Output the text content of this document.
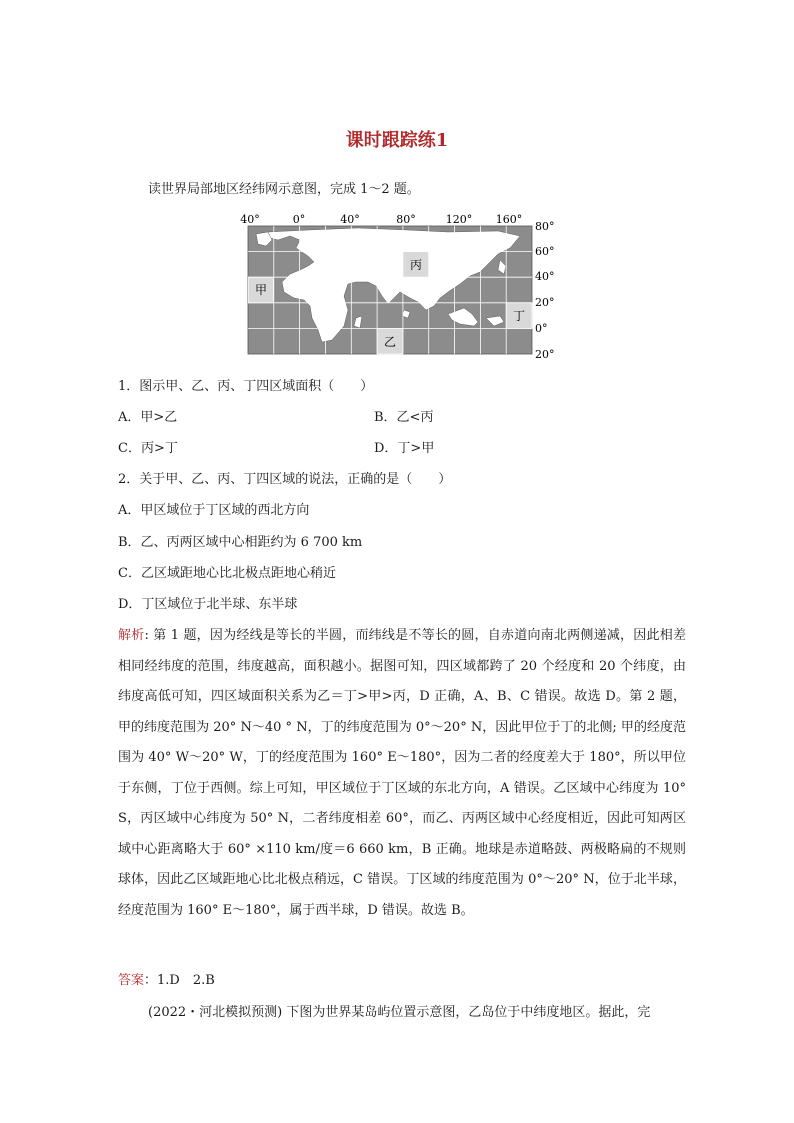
课时跟踪练1
读世界局部地区经纬网示意图，完成 1～2 题。
40°	0°	40°	80°	120° 160°
甲
乙
丙
丁
80°
60°
40°
20°
0°
20°
1．图示甲、乙、丙、丁四区域面积（　　）
A．甲>乙	B．乙<丙
C．丙>丁	D．丁>甲
2．关于甲、乙、丙、丁四区域的说法，正确的是（　　）
A．甲区域位于丁区域的西北方向
B．乙、丙两区域中心相距约为 6 700 km
C．乙区域距地心比北极点距地心稍近
D．丁区域位于北半球、东半球
解析: 第 1 题，因为经线是等长的半圆，而纬线是不等长的圆，自赤道向南北两侧递减，因此相差相同经纬度的范围，纬度越高，面积越小。据图可知，四区域都跨了 20 个经度和 20 个纬度，由纬度高低可知，四区域面积关系为乙＝丁>甲>丙，D 正确，A、B、C 错误。故选 D。第 2 题，甲的纬度范围为 20° N～40 ° N，丁的纬度范围为 0°～20° N，因此甲位于丁的北侧; 甲的经度范围为 40° W～20° W，丁的经度范围为 160° E～180°，因为二者的经度差大于 180°，所以甲位于东侧，丁位于西侧。综上可知，甲区域位于丁区域的东北方向，A 错误。乙区域中心纬度为 10° S，丙区域中心纬度为 50° N，二者纬度相差 60°，而乙、丙两区域中心经度相近，因此可知两区域中心距离略大于 60° ×110 km/度＝6 660 km，B 正确。地球是赤道略鼓、两极略扁的不规则球体，因此乙区域距地心比北极点稍远，C 错误。丁区域的纬度范围为 0°～20° N，位于北半球，经度范围为 160° E～180°，属于西半球，D 错误。故选 B。
答案：1.D　2.B
(2022・河北模拟预测) 下图为世界某岛屿位置示意图，乙岛位于中纬度地区。据此，完
